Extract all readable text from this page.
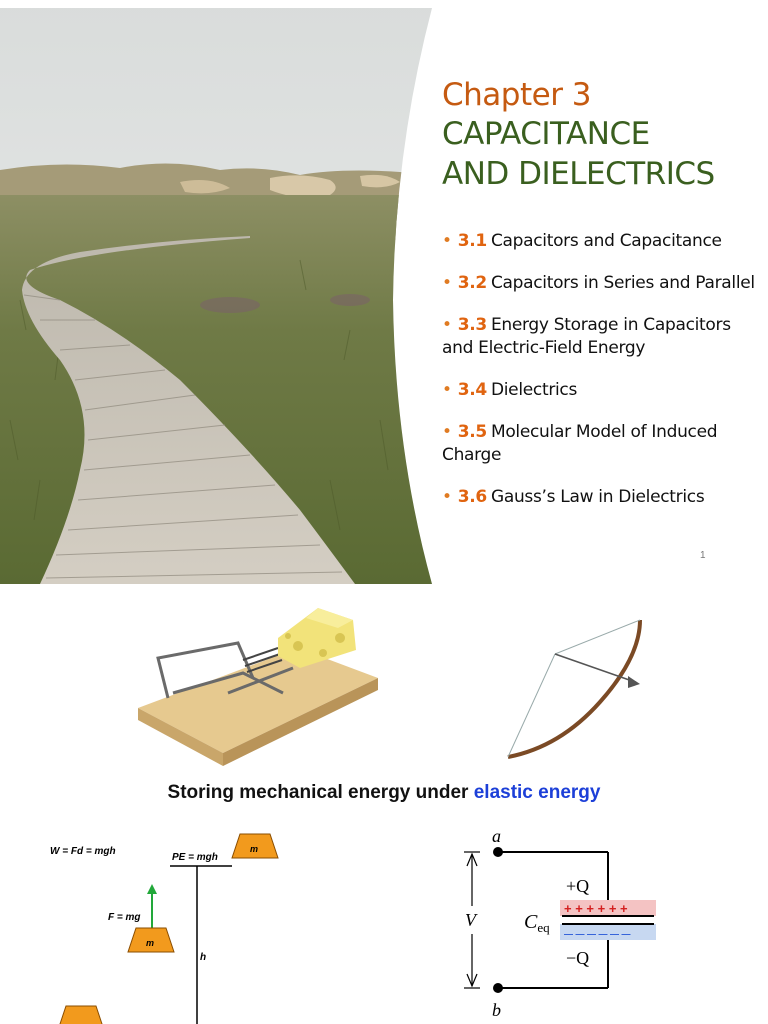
Chapter 3
CAPACITANCE
AND DIELECTRICS
• 3.1 Capacitors and Capacitance
• 3.2 Capacitors in Series and Parallel
• 3.3 Energy Storage in Capacitors and Electric-Field Energy
• 3.4 Dielectrics
• 3.5 Molecular Model of Induced Charge
• 3.6 Gauss’s Law in Dielectrics
1
Storing mechanical energy under elastic energy
W = Fd = mgh
PE = mgh
h
m
F = mg
m
a
+ + + + + +
— — — — — —
b
+Q
−Q
$C_{eq}$
V
